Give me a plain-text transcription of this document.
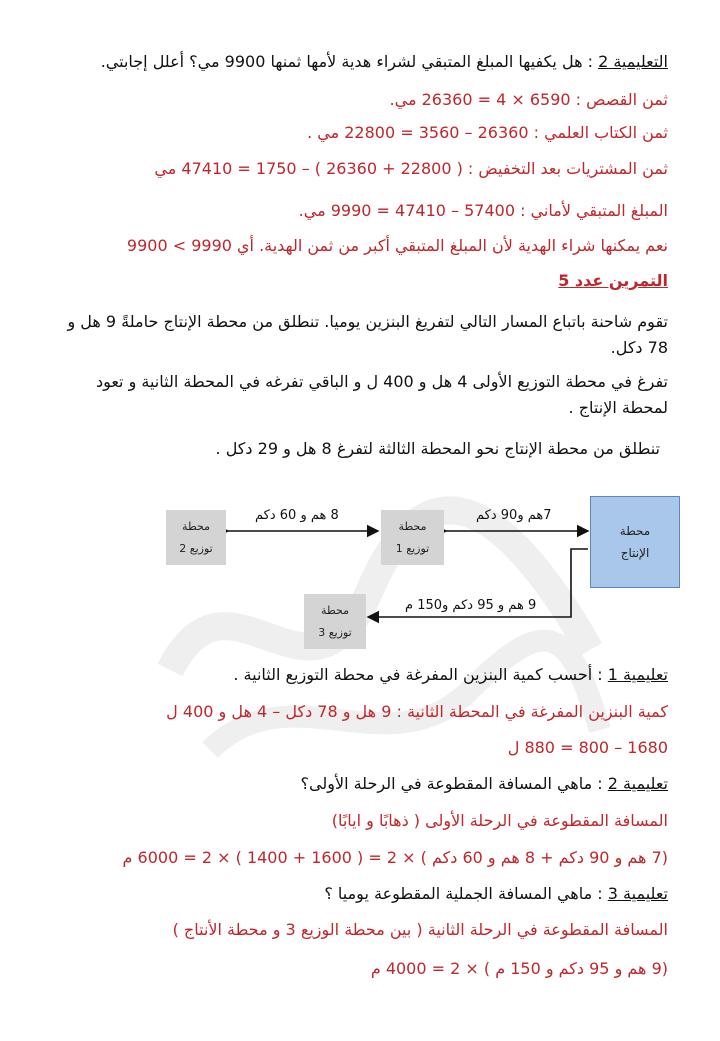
التعليمية 2 : هل يكفيها المبلغ المتبقي لشراء هدية لأمها ثمنها 9900 مي؟ أعلل إجابتي.
ثمن القصص : 6590 × 4 = 26360 مي.
ثمن الكتاب العلمي : 26360 – 3560 = 22800 مي .
ثمن المشتريات بعد التخفيض : ( 22800 + 26360 ) – 1750 = 47410 مي
المبلغ المتبقي لأماني : 57400 – 47410 = 9990 مي.
نعم يمكنها شراء الهدية لأن المبلغ المتبقي أكبر من ثمن الهدية. أي 9990 > 9900
التمرين عدد 5
تقوم شاحنة باتباع المسار التالي لتفريغ البنزين يوميا. تنطلق من محطة الإنتاج حاملةً 9 هل و 78 دكل.
تفرغ في محطة التوزيع الأولى 4 هل و 400 ل و الباقي تفرغه في المحطة الثانية و تعود لمحطة الإنتاج .
تنطلق من محطة الإنتاج نحو المحطة الثالثة لتفرغ 8 هل و 29 دكل .
محطة
توزيع 2
محطة
توزيع 1
محطة
الإنتاج
محطة
توزيع 3
8 هم و 60 دكم	7هم و90 دكم
9 هم و 95 دكم و150 م
تعليمية 1 : أحسب كمية البنزين المفرغة في محطة التوزيع الثانية .
كمية البنزين المفرغة في المحطة الثانية : 9 هل و 78 دكل – 4 هل و 400 ل
1680 – 800 = 880 ل
تعليمية 2 : ماهي المسافة المقطوعة في الرحلة الأولى؟
المسافة المقطوعة في الرحلة الأولى ( ذهابًا و ايابًا)
(7 هم و 90 دكم + 8 هم و 60 دكم ) × 2 = ( 1600 + 1400 ) × 2 = 6000 م
تعليمية 3 : ماهي المسافة الجملية المقطوعة يوميا ؟
المسافة المقطوعة في الرحلة الثانية ( بين محطة الوزيع 3 و محطة الأنتاج )
(9 هم و 95 دكم و 150 م ) × 2 = 4000 م
